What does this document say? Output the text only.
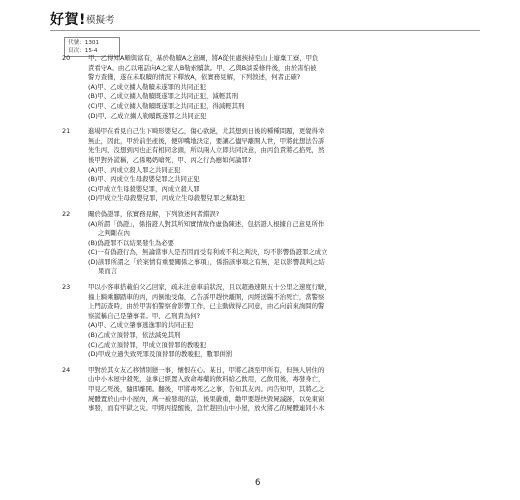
好賀! 模擬考
代號：1301
頁次：15-4
20	甲、乙得知A順與富有，基於勒贖A之意圖，將A從住處挾持至山上廢棄工寮，甲負
責看守A。由乙以電話向A之家人B勒索贖款。甲、乙與B談妥條件後，由於害怕被
警方查獲，遂在未取贖的情況下釋放A，依實務見解，下列敘述，何者正確?
(A)甲、乙成立擄人勒贖未遂罪的共同正犯
(B)甲、乙成立擄人勒贖既遂罪之共同正犯，減輕其刑
(C)甲、乙成立擄人勒贖既遂罪之共同正犯，得減輕其刑
(D)甲、乙成立擄人勒贖既遂罪之共同正犯
21	進場甲在看見自己生下畸形嬰兒乙，傷心欲絕，尤其想到日後的種種問題，更覺得幸
無止，因此，甲於前坐產後，便卯嘴地決定，要讓乙儘早離開人世，甲將此想法告訴
先生丙，沒想到丙也正有相同念頭，所以兩人立即共同決意，由丙負責將乙掐死，然
後甲對外謊稱，乙係喝奶嗆死，甲、丙之行為應如何論罪?
(A)甲、丙成立殺人罪之共同正犯
(B)甲、丙成立生母殺嬰兒罪之共同正犯
(C)甲成立生母殺嬰兒罪，丙成立殺人罪
(D)甲成立生母殺嬰兒罪，丙成立生母殺嬰兒罪之幫助犯
22	關於偽證罪，依實務見解，下列敘述何者錯誤?
(A)所謂「偽證」，係指證人對其所知實情故作虛偽陳述，包括證人根據自己意見所作
之判斷在內
(B)偽證罪不以結果發生為必要
(C)一有偽證行為，無論當事人是否因而受有利或不利之判決，均不影響偽證罪之成立
(D)該罪所謂之「於案情有重要關係之事項」，係指該事項之有無，足以影響裁判之結
果而言
23	甲以小客車搭載伯父乙回家，疏未注意車前狀況，且以超過速限五十公里之速度行駛，
撞上騎乘腳踏車的丙，丙倒地受傷，乙告訴甲趕快離開，丙經送醫不治死亡，當警察
上門訪查時，由於甲害怕警察會影響工作，已主動做得乙同意，由乙向前來詢問的警
察謊稱自己是肇事者。甲、乙刑責為何?
(A)甲、乙成立肇事逃逸罪的共同正犯
(B)乙成立頂替罪，依法減免其刑
(C)乙成立頂替罪，甲成立頂替罪的教唆犯
(D)甲成立過失致死罪及頂替罪的教唆犯，數罪併罰
24	甲對於其女友乙移情別戀一事，懷恨在心。某日，甲將乙誘至甲所有，但無人居住的
山中小木屋中殺死，並拿已經置入致命毒藥的飲料給乙飲用，乙飲用後，毒發身亡，
甲見乙死後，隨即離開。翻後，甲將毒死乙之事，告知其友丙。丙告知甲，其將乙之
屍體置於山中小屋內，萬一被發現的話，後果嚴重，勸甲要趕快毀屍滅跡，以免東窗
事發，而有牢獄之災。甲經丙提醒後，急忙趕回山中小屋，放火將乙的屍體連同小木
6
